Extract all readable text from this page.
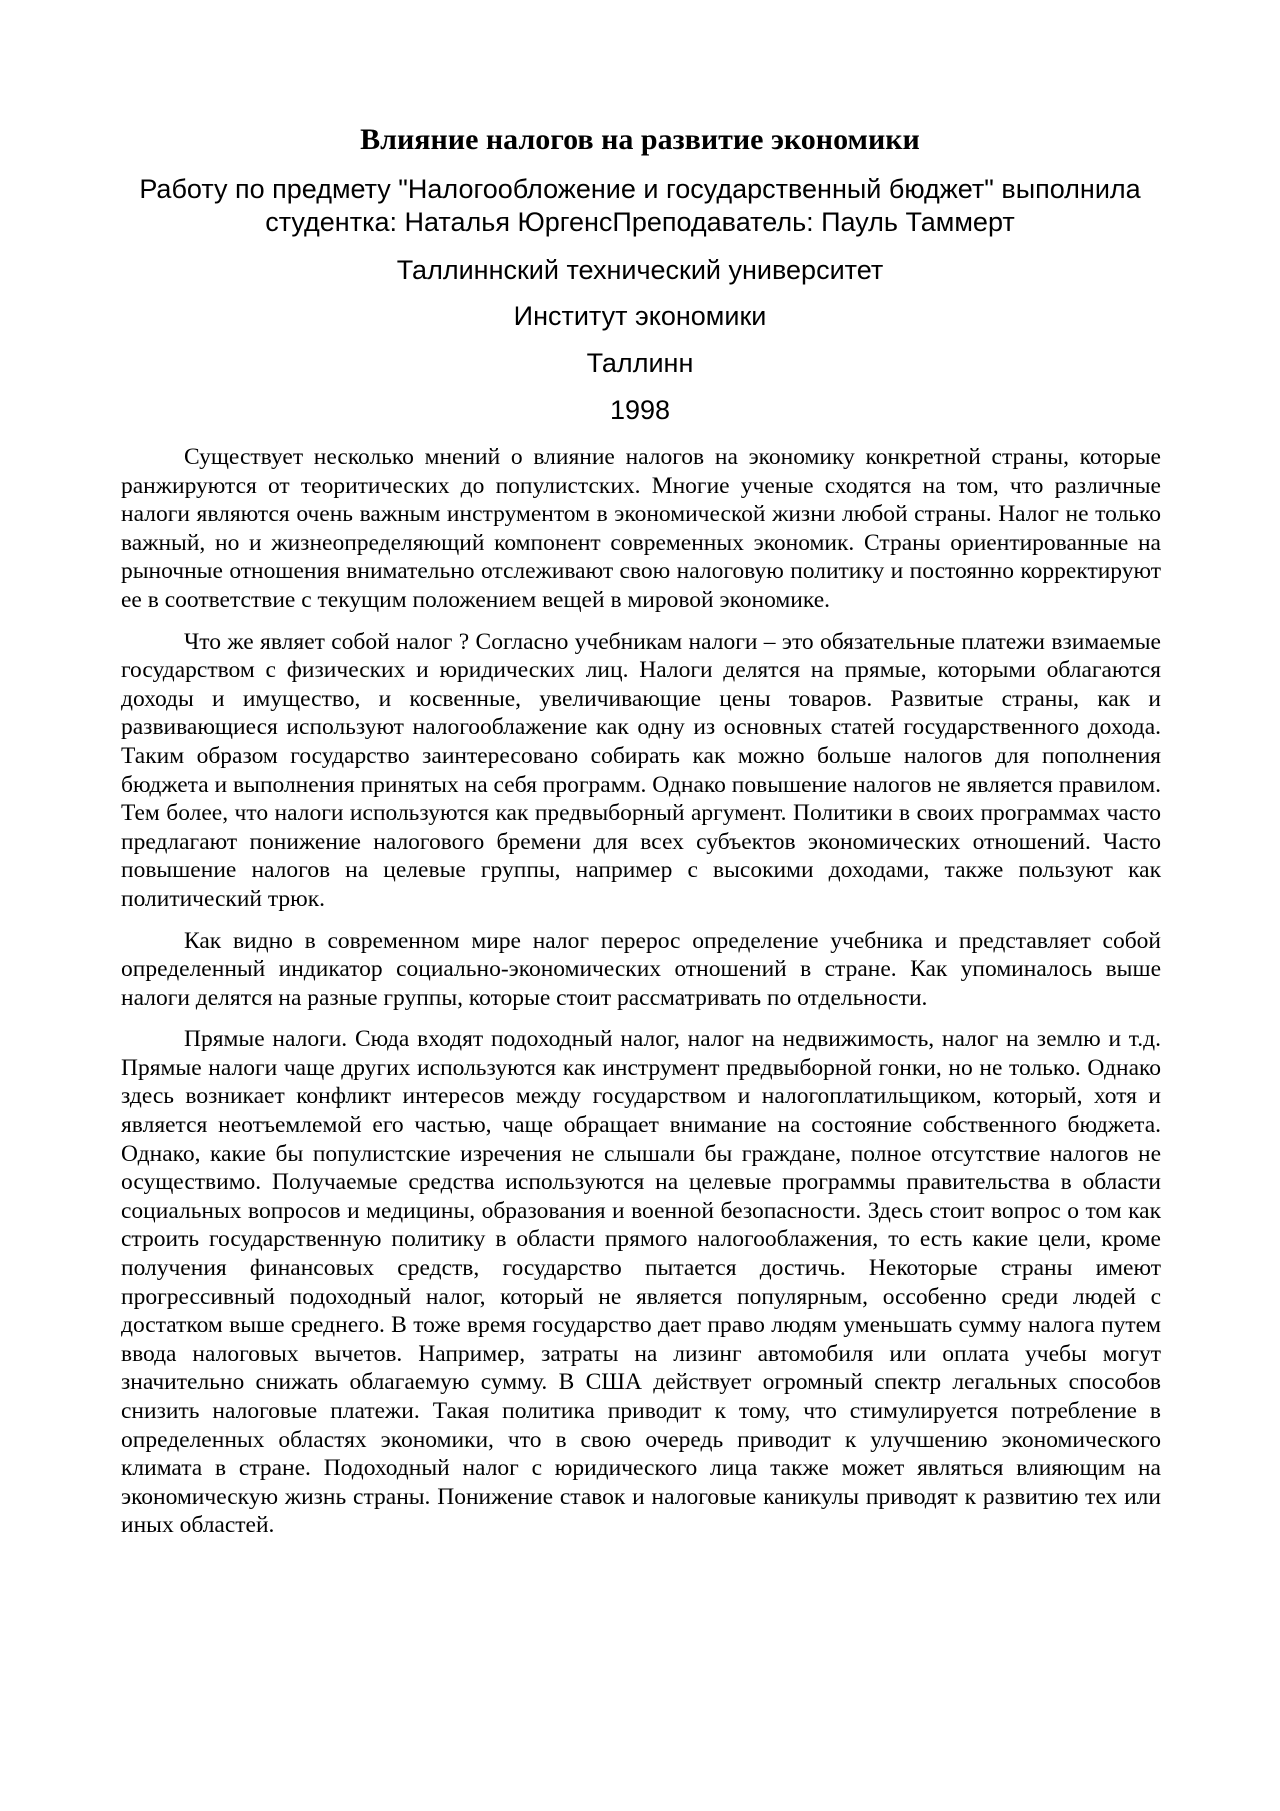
Влияние налогов на развитие экономики
Работу по предмету "Налогообложение и государственный бюджет" выполнила студентка: Наталья ЮргенсПреподаватель: Пауль Таммерт
Таллиннский технический университет
Институт экономики
Таллинн
1998

Существует несколько мнений о влияние налогов на экономику конкретной страны, которые ранжируются от теоритических до популистских. Многие ученые сходятся на том, что различные налоги являются очень важным инструментом в экономической жизни любой страны. Налог не только важный, но и жизнеопределяющий компонент современных экономик. Страны ориентированные на рыночные отношения внимательно отслеживают свою налоговую политику и постоянно корректируют ее в соответствие с текущим положением вещей в мировой экономике.

Что же являет собой налог ? Согласно учебникам налоги – это обязательные платежи взимаемые государством с физических и юридических лиц. Налоги делятся на прямые, которыми облагаются доходы и имущество, и косвенные, увеличивающие цены товаров. Развитые страны, как и развивающиеся используют налогооблажение как одну из основных статей государственного дохода. Таким образом государство заинтересовано собирать как можно больше налогов для пополнения бюджета и выполнения принятых на себя программ. Однако повышение налогов не является правилом. Тем более, что налоги используются как предвыборный аргумент. Политики в своих программах часто предлагают понижение налогового бремени для всех субъектов экономических отношений. Часто повышение налогов на целевые группы, например с высокими доходами, также пользуют как политический трюк.

Как видно в современном мире налог перерос определение учебника и представляет собой определенный индикатор социально-экономических отношений в стране. Как упоминалось выше налоги делятся на разные группы, которые стоит рассматривать по отдельности.

Прямые налоги. Сюда входят подоходный налог, налог на недвижимость, налог на землю и т.д. Прямые налоги чаще других используются как инструмент предвыборной гонки, но не только. Однако здесь возникает конфликт интересов между государством и налогоплатильщиком, который, хотя и является неотъемлемой его частью, чаще обращает внимание на состояние собственного бюджета. Однако, какие бы популистские изречения не слышали бы граждане, полное отсутствие налогов не осуществимо. Получаемые средства используются на целевые программы правительства в области социальных вопросов и медицины, образования и военной безопасности. Здесь стоит вопрос о том как строить государственную политику в области прямого налогооблажения, то есть какие цели, кроме получения финансовых средств, государство пытается достичь. Некоторые страны имеют прогрессивный подоходный налог, который не является популярным, оссобенно среди людей с достатком выше среднего. В тоже время государство дает право людям уменьшать сумму налога путем ввода налоговых вычетов. Например, затраты на лизинг автомобиля или оплата учебы могут значительно снижать облагаемую сумму. В США действует огромный спектр легальных способов снизить налоговые платежи. Такая политика приводит к тому, что стимулируется потребление в определенных областях экономики, что в свою очередь приводит к улучшению экономического климата в стране. Подоходный налог с юридического лица также может являться влияющим на экономическую жизнь страны. Понижение ставок и налоговые каникулы приводят к развитию тех или иных областей.
